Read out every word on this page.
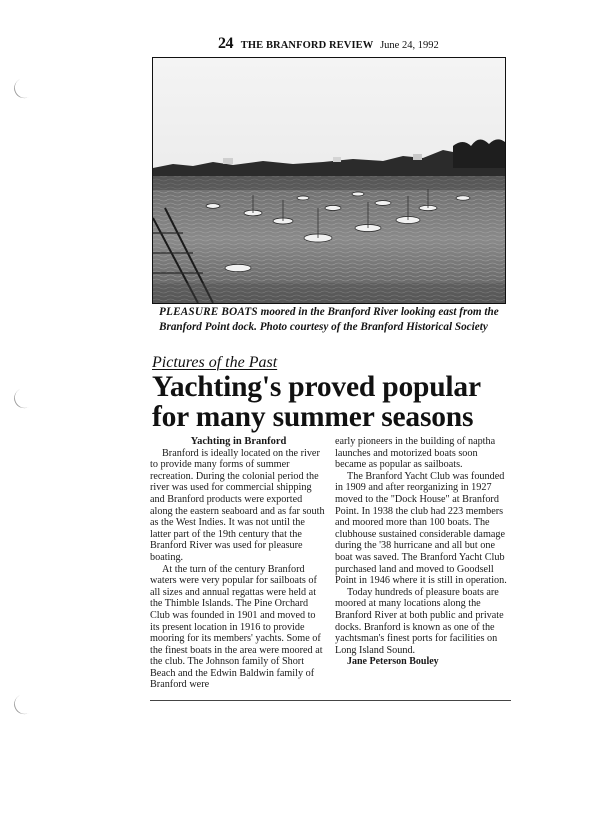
24 THE BRANFORD REVIEW June 24, 1992
PLEASURE BOATS moored in the Branford River looking east from the Branford Point dock. Photo courtesy of the Branford Historical Society
Pictures of the Past
Yachting's proved popular
for many summer seasons

Yachting in Branford

Branford is ideally located on the river to provide many forms of summer recreation. During the colonial period the river was used for commercial shipping and Branford products were exported along the eastern seaboard and as far south as the West Indies. It was not until the latter part of the 19th century that the Branford River was used for pleasure boating.

At the turn of the century Branford waters were very popular for sailboats of all sizes and annual regattas were held at the Thimble Islands. The Pine Orchard Club was founded in 1901 and moved to its present location in 1916 to provide mooring for its members' yachts. Some of the finest boats in the area were moored at the club. The Johnson family of Short Beach and the Edwin Baldwin family of Branford were

early pioneers in the building of naptha launches and motorized boats soon became as popular as sailboats.

The Branford Yacht Club was founded in 1909 and after reorganizing in 1927 moved to the "Dock House" at Branford Point. In 1938 the club had 223 members and moored more than 100 boats. The clubhouse sustained considerable damage during the '38 hurricane and all but one boat was saved. The Branford Yacht Club purchased land and moved to Goodsell Point in 1946 where it is still in operation.

Today hundreds of pleasure boats are moored at many locations along the Branford River at both public and private docks. Branford is known as one of the yachtsman's finest ports for facilities on Long Island Sound.

Jane Peterson Bouley
